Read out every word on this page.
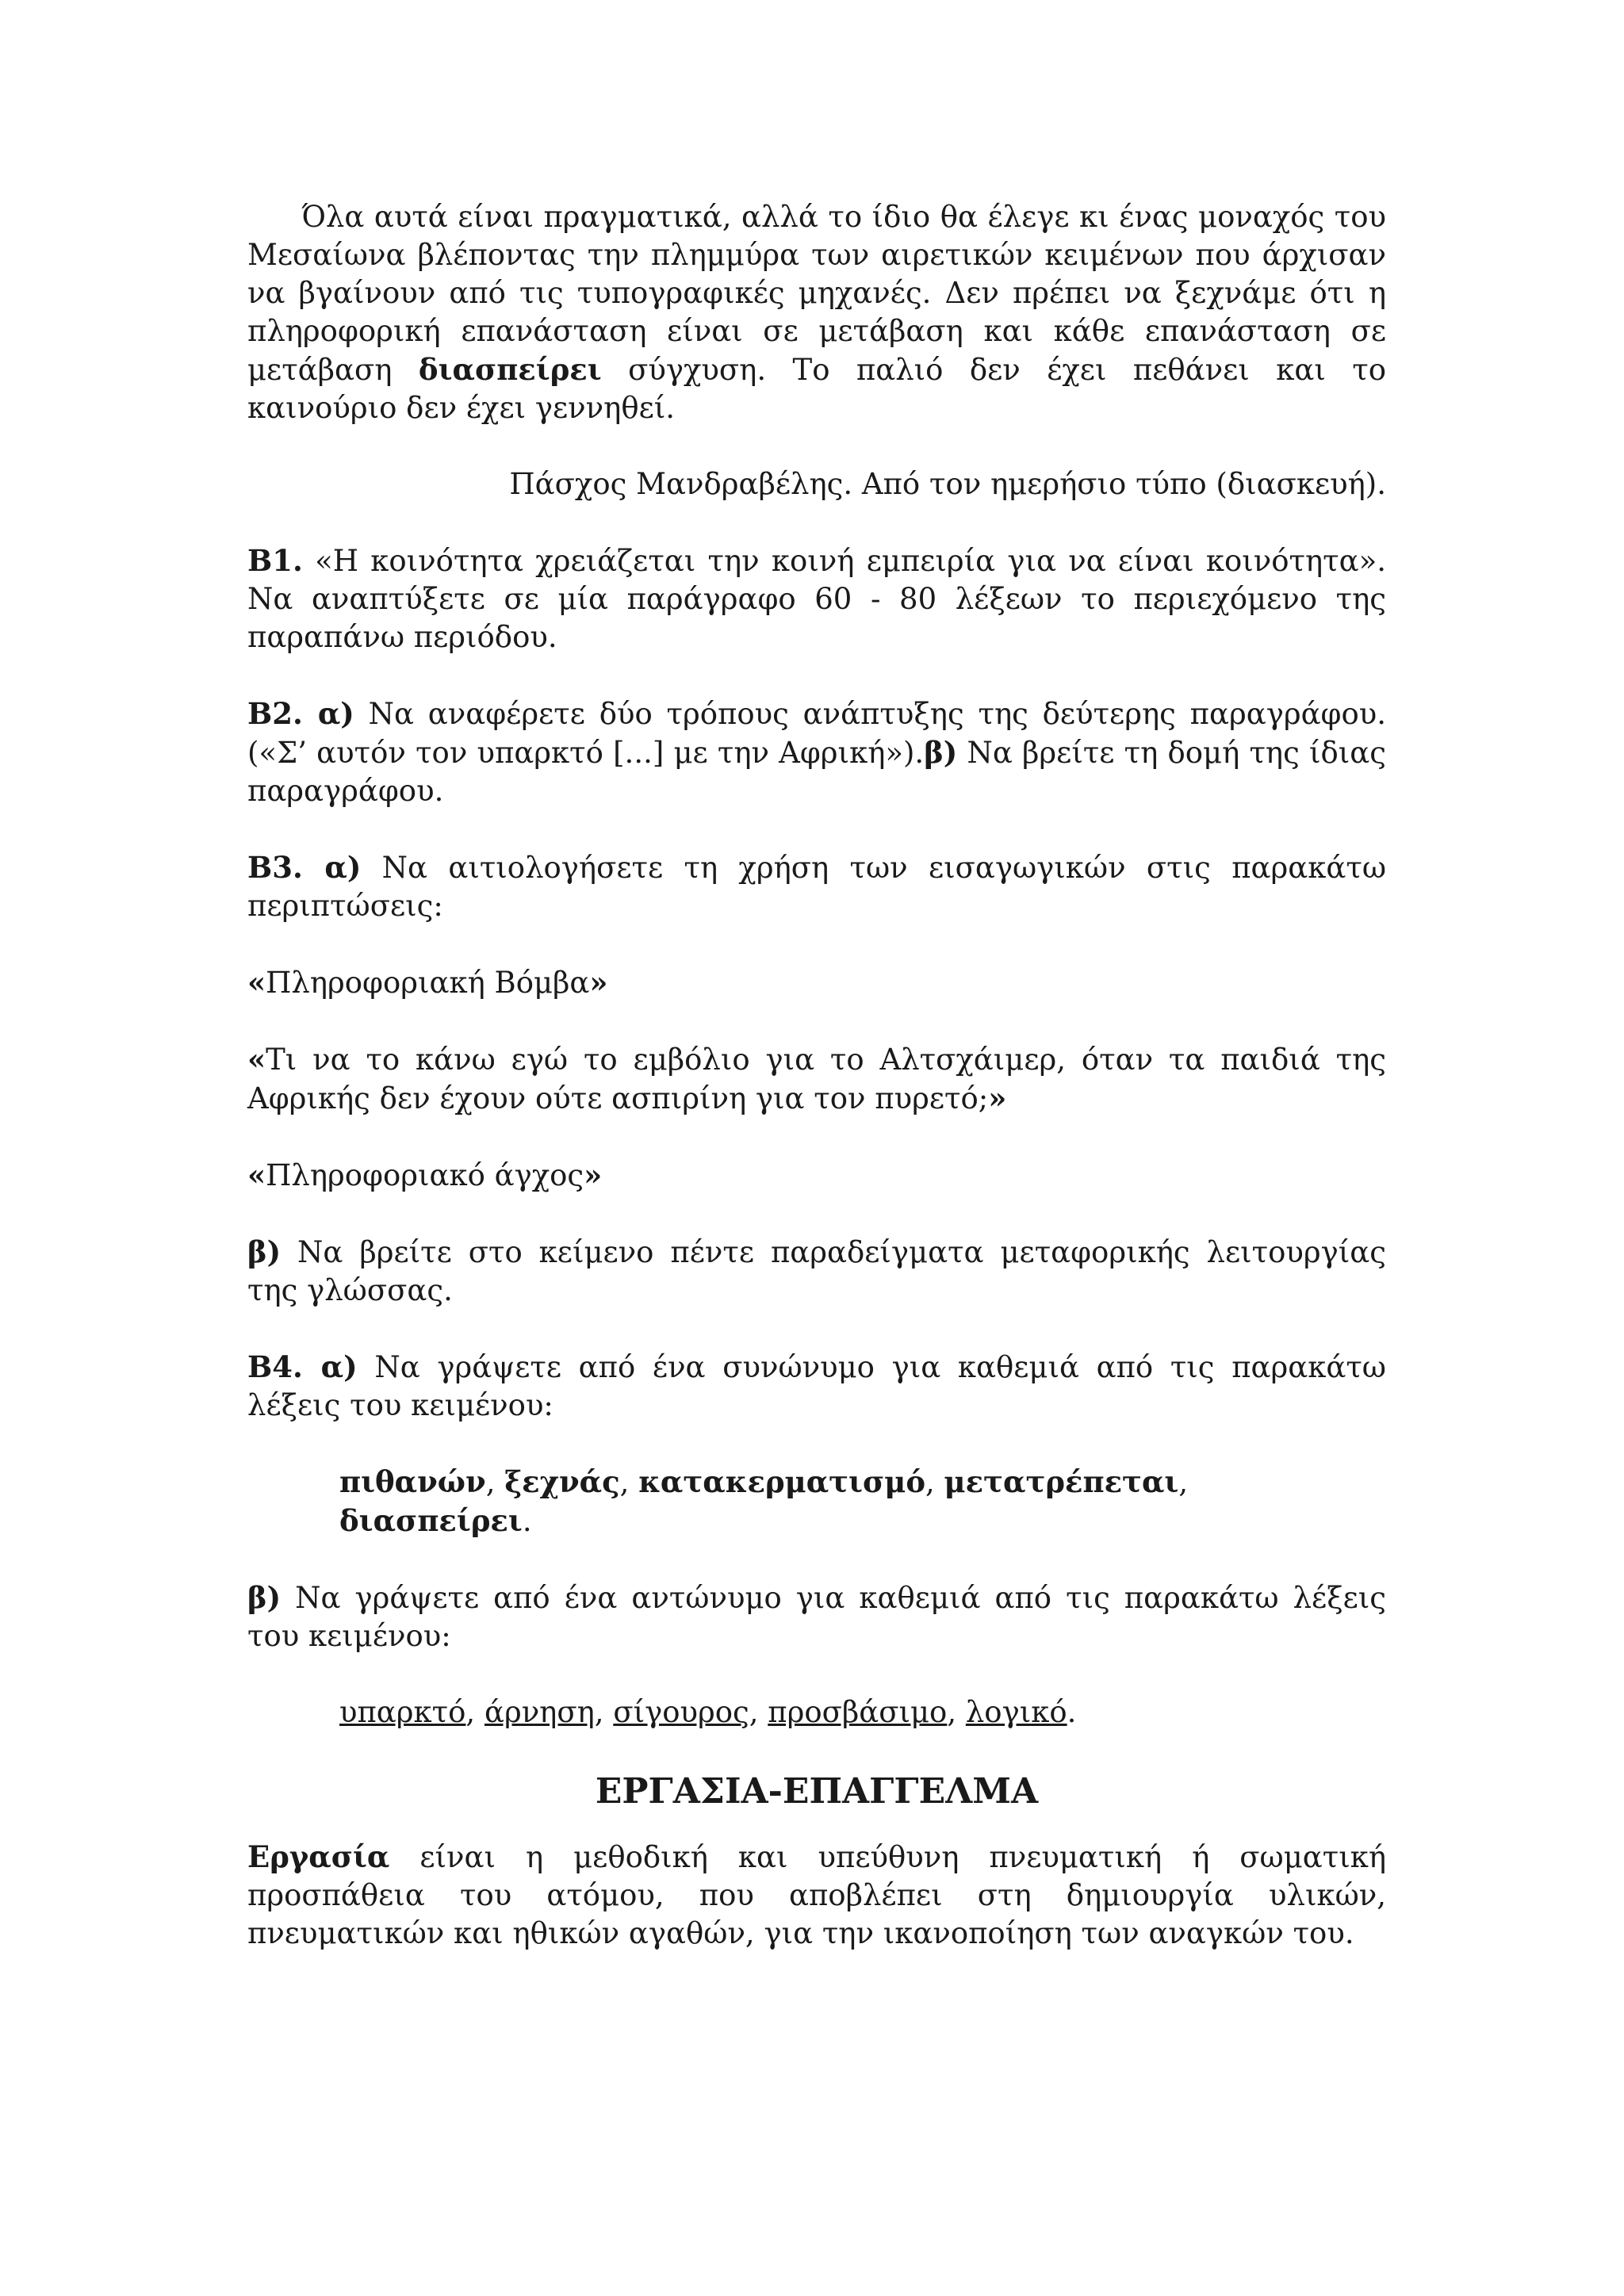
Όλα αυτά είναι πραγματικά, αλλά το ίδιο θα έλεγε κι ένας μοναχός του Μεσαίωνα βλέποντας την πλημμύρα των αιρετικών κειμένων που άρχισαν να βγαίνουν από τις τυπογραφικές μηχανές. Δεν πρέπει να ξεχνάμε ότι η πληροφορική επανάσταση είναι σε μετάβαση και κάθε επανάσταση σε μετάβαση διασπείρει σύγχυση. Το παλιό δεν έχει πεθάνει και το καινούριο δεν έχει γεννηθεί.

Πάσχος Μανδραβέλης. Από τον ημερήσιο τύπο (διασκευή).

Β1. «Η κοινότητα χρειάζεται την κοινή εμπειρία για να είναι κοινότητα». Να αναπτύξετε σε μία παράγραφο 60 - 80 λέξεων το περιεχόμενο της παραπάνω περιόδου.

Β2. α) Να αναφέρετε δύο τρόπους ανάπτυξης της δεύτερης παραγράφου. («Σ’ αυτόν τον υπαρκτό [...] με την Αφρική»).β) Να βρείτε τη δομή της ίδιας παραγράφου.

Β3. α) Να αιτιολογήσετε τη χρήση των εισαγωγικών στις παρακάτω περιπτώσεις:

«Πληροφοριακή Βόμβα»

«Τι να το κάνω εγώ το εμβόλιο για το Αλτσχάιμερ, όταν τα παιδιά της Αφρικής δεν έχουν ούτε ασπιρίνη για τον πυρετό;»

«Πληροφοριακό άγχος»

β) Να βρείτε στο κείμενο πέντε παραδείγματα μεταφορικής λειτουργίας της γλώσσας.

Β4. α) Να γράψετε από ένα συνώνυμο για καθεμιά από τις παρακάτω λέξεις του κειμένου:

πιθανών, ξεχνάς, κατακερματισμό, μετατρέπεται, διασπείρει.

β) Να γράψετε από ένα αντώνυμο για καθεμιά από τις παρακάτω λέξεις του κειμένου:

υπαρκτό, άρνηση, σίγουρος, προσβάσιμο, λογικό.

ΕΡΓΑΣΙΑ-ΕΠΑΓΓΕΛΜΑ

Εργασία είναι η μεθοδική και υπεύθυνη πνευματική ή σωματική προσπάθεια του ατόμου, που αποβλέπει στη δημιουργία υλικών, πνευματικών και ηθικών αγαθών, για την ικανοποίηση των αναγκών του.
